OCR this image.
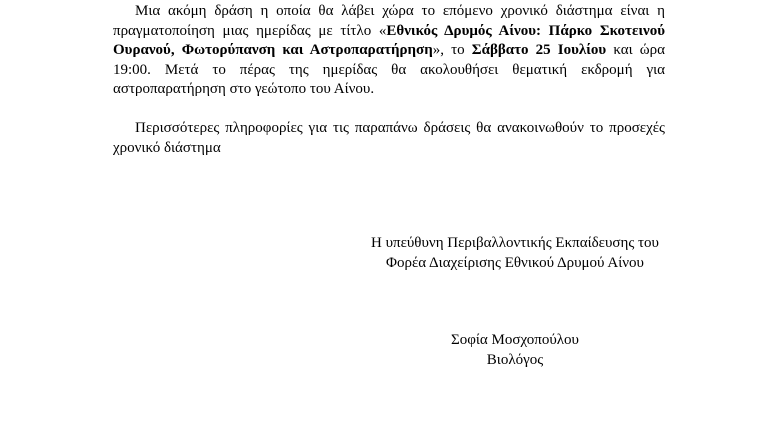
Μια ακόμη δράση η οποία θα λάβει χώρα το επόμενο χρονικό διάστημα είναι η πραγματοποίηση μιας ημερίδας με τίτλο «Εθνικός Δρυμός Αίνου: Πάρκο Σκοτεινού Ουρανού, Φωτορύπανση και Αστροπαρατήρηση», το Σάββατο 25 Ιουλίου και ώρα 19:00. Μετά το πέρας της ημερίδας θα ακολουθήσει θεματική εκδρομή για αστροπαρατήρηση στο γεώτοπο του Αίνου.

Περισσότερες πληροφορίες για τις παραπάνω δράσεις θα ανακοινωθούν το προσεχές χρονικό διάστημα

Η υπεύθυνη Περιβαλλοντικής Εκπαίδευσης του
Φορέα Διαχείρισης Εθνικού Δρυμού Αίνου
Σοφία Μοσχοπούλου
Βιολόγος
